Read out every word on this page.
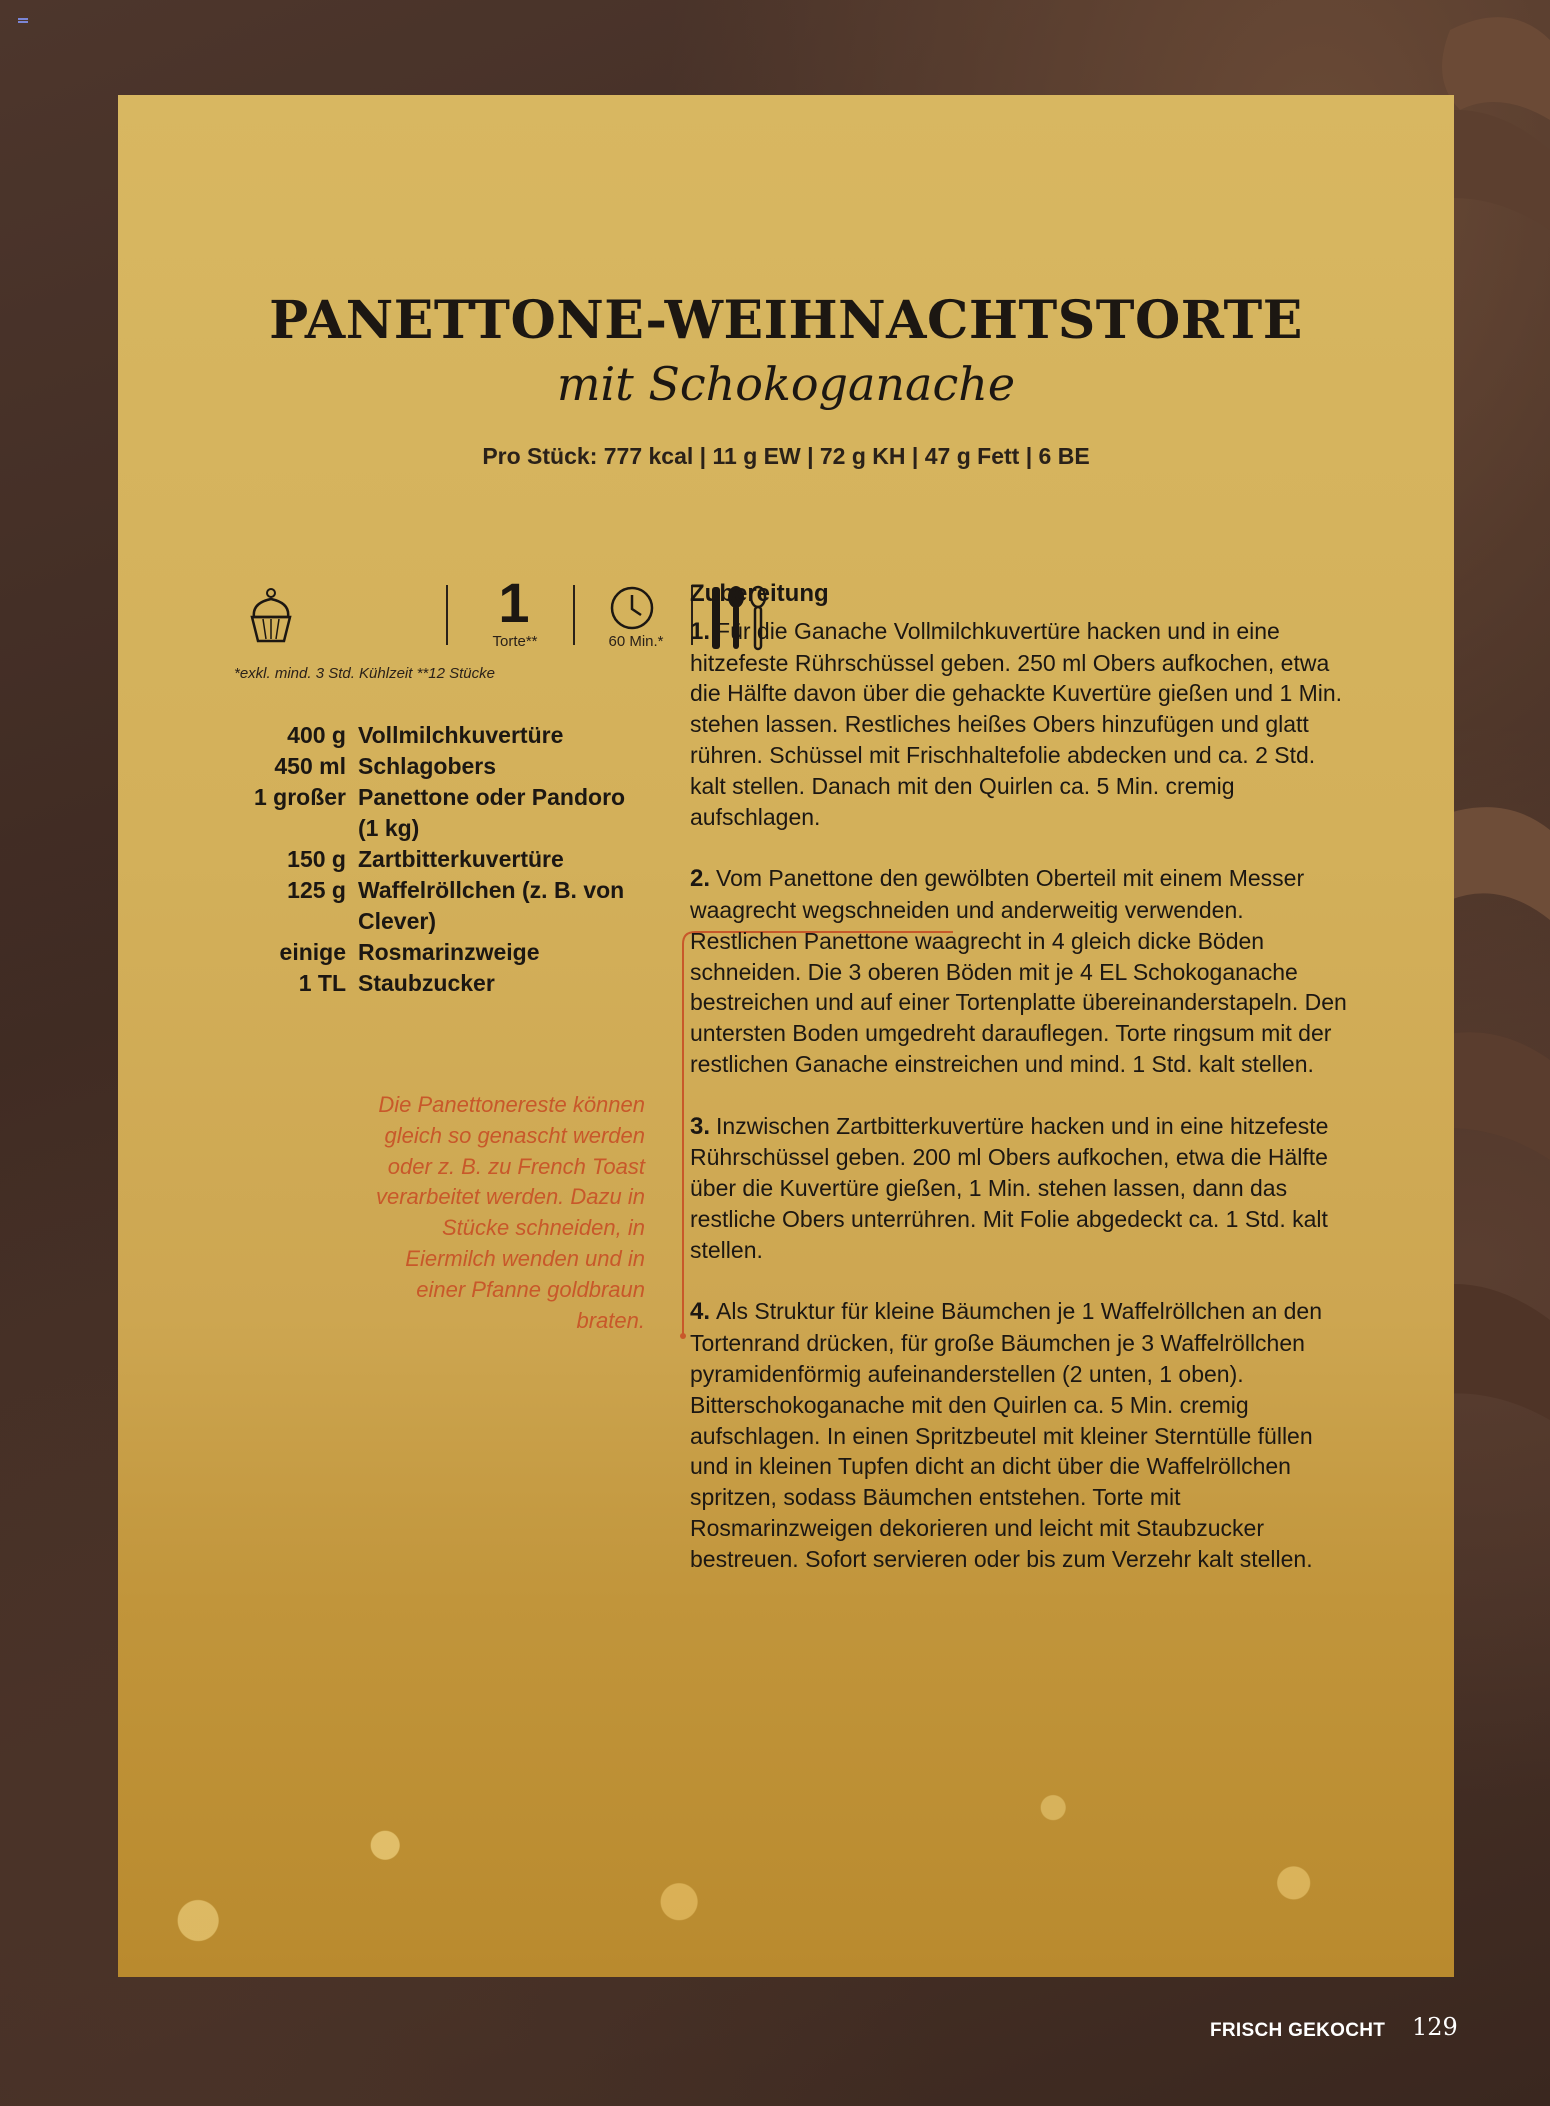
PANETTONE-WEIHNACHTSTORTE
mit Schokoganache
Pro Stück: 777 kcal | 11 g EW | 72 g KH | 47 g Fett | 6 BE
1
Torte**	60 Min.*
*exkl. mind. 3 Std. Kühlzeit **12 Stücke
400 g Vollmilchkuvertüre
450 ml Schlagobers
1 großer Panettone oder Pandoro (1 kg)
150 g Zartbitterkuvertüre
125 g Waffelröllchen (z. B. von Clever)
einige Rosmarinzweige
1 TL Staubzucker
Die Panettonereste können gleich so genascht werden oder z. B. zu French Toast verarbeitet werden. Dazu in Stücke schneiden, in Eiermilch wenden und in einer Pfanne goldbraun braten.
Zubereitung

1. Für die Ganache Vollmilchkuvertüre hacken und in eine hitzefeste Rührschüssel geben. 250 ml Obers aufkochen, etwa die Hälfte davon über die gehackte Kuvertüre gießen und 1 Min. stehen lassen. Restliches heißes Obers hinzufügen und glatt rühren. Schüssel mit Frischhaltefolie abdecken und ca. 2 Std. kalt stellen. Danach mit den Quirlen ca. 5 Min. cremig aufschlagen.

2. Vom Panettone den gewölbten Oberteil mit einem Messer waagrecht wegschneiden und anderweitig verwenden. Restlichen Panettone waagrecht in 4 gleich dicke Böden schneiden. Die 3 oberen Böden mit je 4 EL Schokoganache bestreichen und auf einer Tortenplatte übereinanderstapeln. Den untersten Boden umgedreht darauflegen. Torte ringsum mit der restlichen Ganache einstreichen und mind. 1 Std. kalt stellen.

3. Inzwischen Zartbitterkuvertüre hacken und in eine hitzefeste Rührschüssel geben. 200 ml Obers aufkochen, etwa die Hälfte über die Kuvertüre gießen, 1 Min. stehen lassen, dann das restliche Obers unterrühren. Mit Folie abgedeckt ca. 1 Std. kalt stellen.

4. Als Struktur für kleine Bäumchen je 1 Waffelröllchen an den Tortenrand drücken, für große Bäumchen je 3 Waffelröllchen pyramidenförmig aufeinanderstellen (2 unten, 1 oben). Bitterschokoganache mit den Quirlen ca. 5 Min. cremig aufschlagen. In einen Spritzbeutel mit kleiner Sterntülle füllen und in kleinen Tupfen dicht an dicht über die Waffelröllchen spritzen, sodass Bäumchen entstehen. Torte mit Rosmarinzweigen dekorieren und leicht mit Staubzucker bestreuen. Sofort servieren oder bis zum Verzehr kalt stellen.

FRISCH GEKOCHT 129
